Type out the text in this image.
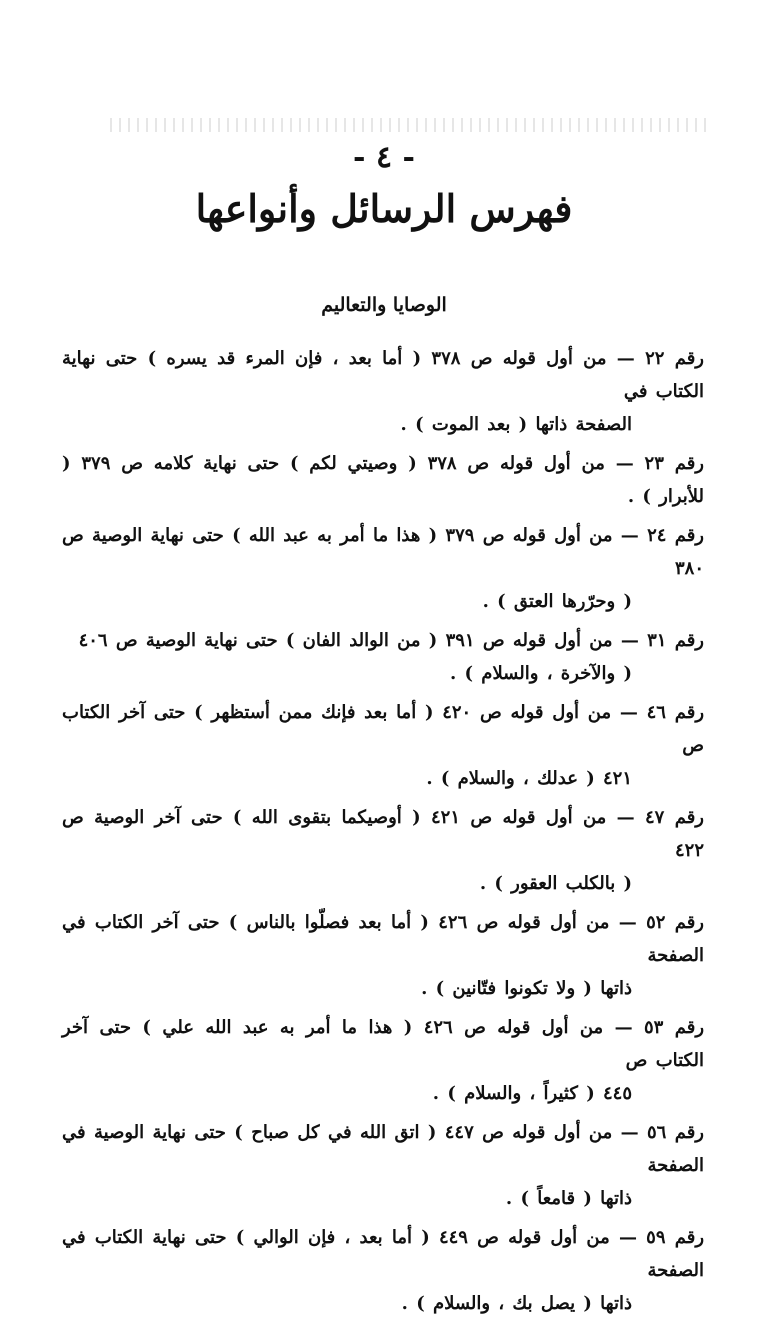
- ٤ -
فهرس الرسائل وأنواعها
الوصايا والتعاليم
رقم ٢٢ — من أول قوله ص ٣٧٨ ( أما بعد ، فإن المرء قد يسره ) حتى نهاية الكتاب في
الصفحة ذاتها ( بعد الموت ) .
رقم ٢٣ — من أول قوله ص ٣٧٨ ( وصيتي لكم ) حتى نهاية كلامه ص ٣٧٩ ( للأبرار ) .
رقم ٢٤ — من أول قوله ص ٣٧٩ ( هذا ما أمر به عبد الله ) حتى نهاية الوصية ص ٣٨٠
( وحرّرها العتق ) .
رقم ٣١ — من أول قوله ص ٣٩١ ( من الوالد الفان ) حتى نهاية الوصية ص ٤٠٦
( والآخرة ، والسلام ) .
رقم ٤٦ — من أول قوله ص ٤٢٠ ( أما بعد فإنك ممن أستظهر ) حتى آخر الكتاب ص
٤٢١ ( عدلك ، والسلام ) .
رقم ٤٧ — من أول قوله ص ٤٢١ ( أوصيكما بتقوى الله ) حتى آخر الوصية ص ٤٢٢
( بالكلب العقور ) .
رقم ٥٢ — من أول قوله ص ٤٢٦ ( أما بعد فصلّوا بالناس ) حتى آخر الكتاب في الصفحة
ذاتها ( ولا تكونوا فتّانين ) .
رقم ٥٣ — من أول قوله ص ٤٢٦ ( هذا ما أمر به عبد الله علي ) حتى آخر الكتاب ص
٤٤٥ ( كثيراً ، والسلام ) .
رقم ٥٦ — من أول قوله ص ٤٤٧ ( اتق الله في كل صباح ) حتى نهاية الوصية في الصفحة
ذاتها ( قامعاً ) .
رقم ٥٩ — من أول قوله ص ٤٤٩ ( أما بعد ، فإن الوالي ) حتى نهاية الكتاب في الصفحة
ذاتها ( يصل بك ، والسلام ) .
